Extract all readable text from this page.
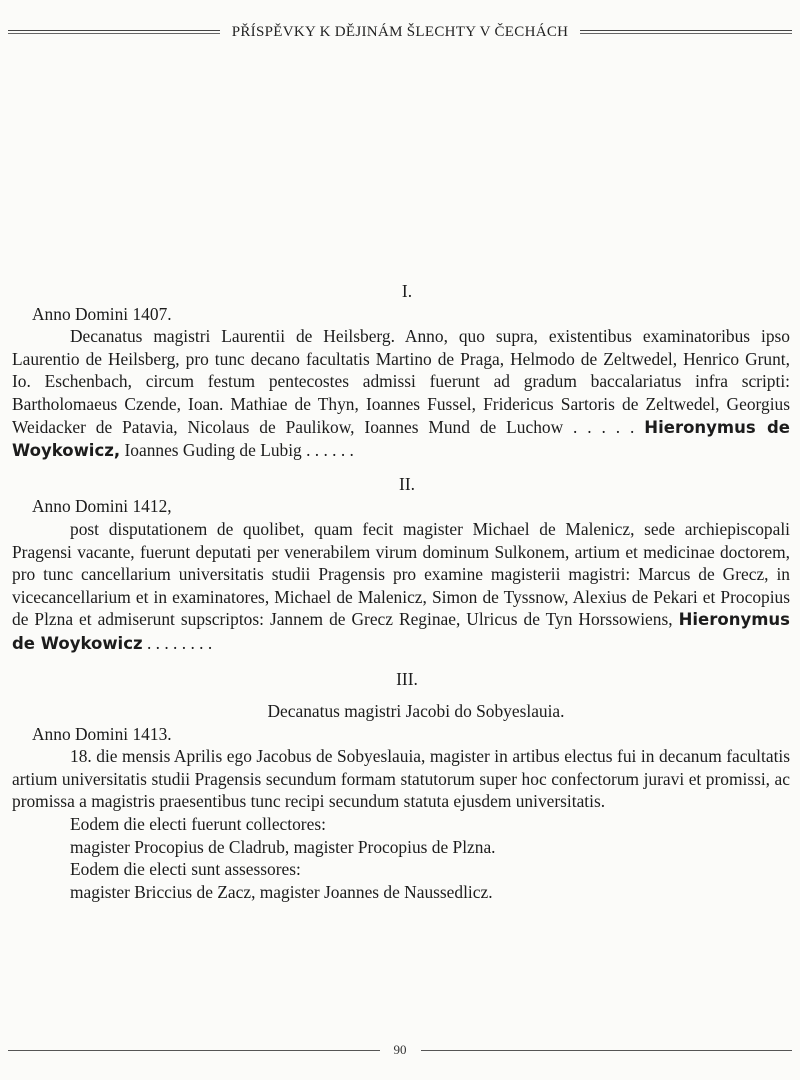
PŘÍSPĚVKY K DĚJINÁM ŠLECHTY V ČECHÁCH
I.
Anno Domini 1407.

Decanatus magistri Laurentii de Heilsberg. Anno, quo supra, existentibus examinatoribus ipso Laurentio de Heilsberg, pro tunc decano facultatis Martino de Praga, Helmodo de Zeltwedel, Henrico Grunt, Io. Eschenbach, circum festum pentecostes admissi fuerunt ad gradum baccalariatus infra scripti: Bartholomaeus Czende, Ioan. Mathiae de Thyn, Ioannes Fussel, Fridericus Sartoris de Zeltwedel, Georgius Weidacker de Patavia, Nicolaus de Paulikow, Ioannes Mund de Luchow . . . . . Hieronymus de Woykowicz, Ioannes Guding de Lubig . . . . . .

II.
Anno Domini 1412,

post disputationem de quolibet, quam fecit magister Michael de Malenicz, sede archiepiscopali Pragensi vacante, fuerunt deputati per venerabilem virum dominum Sulkonem, artium et medicinae doctorem, pro tunc cancellarium universitatis studii Pragensis pro examine magisterii magistri: Marcus de Grecz, in vicecancellarium et in examinatores, Michael de Malenicz, Simon de Tyssnow, Alexius de Pekari et Procopius de Plzna et admiserunt supscriptos: Jannem de Grecz Reginae, Ulricus de Tyn Horssowiens, Hieronymus de Woykowicz . . . . . . . .

III.
Decanatus magistri Jacobi do Sobyeslauia.
Anno Domini 1413.

18. die mensis Aprilis ego Jacobus de Sobyeslauia, magister in artibus electus fui in decanum facultatis artium universitatis studii Pragensis secundum formam statutorum super hoc confectorum juravi et promissi, ac promissa a magistris praesentibus tunc recipi secundum statuta ejusdem universitatis.

Eodem die electi fuerunt collectores:

magister Procopius de Cladrub, magister Procopius de Plzna.

Eodem die electi sunt assessores:

magister Briccius de Zacz, magister Joannes de Naussedlicz.

90
